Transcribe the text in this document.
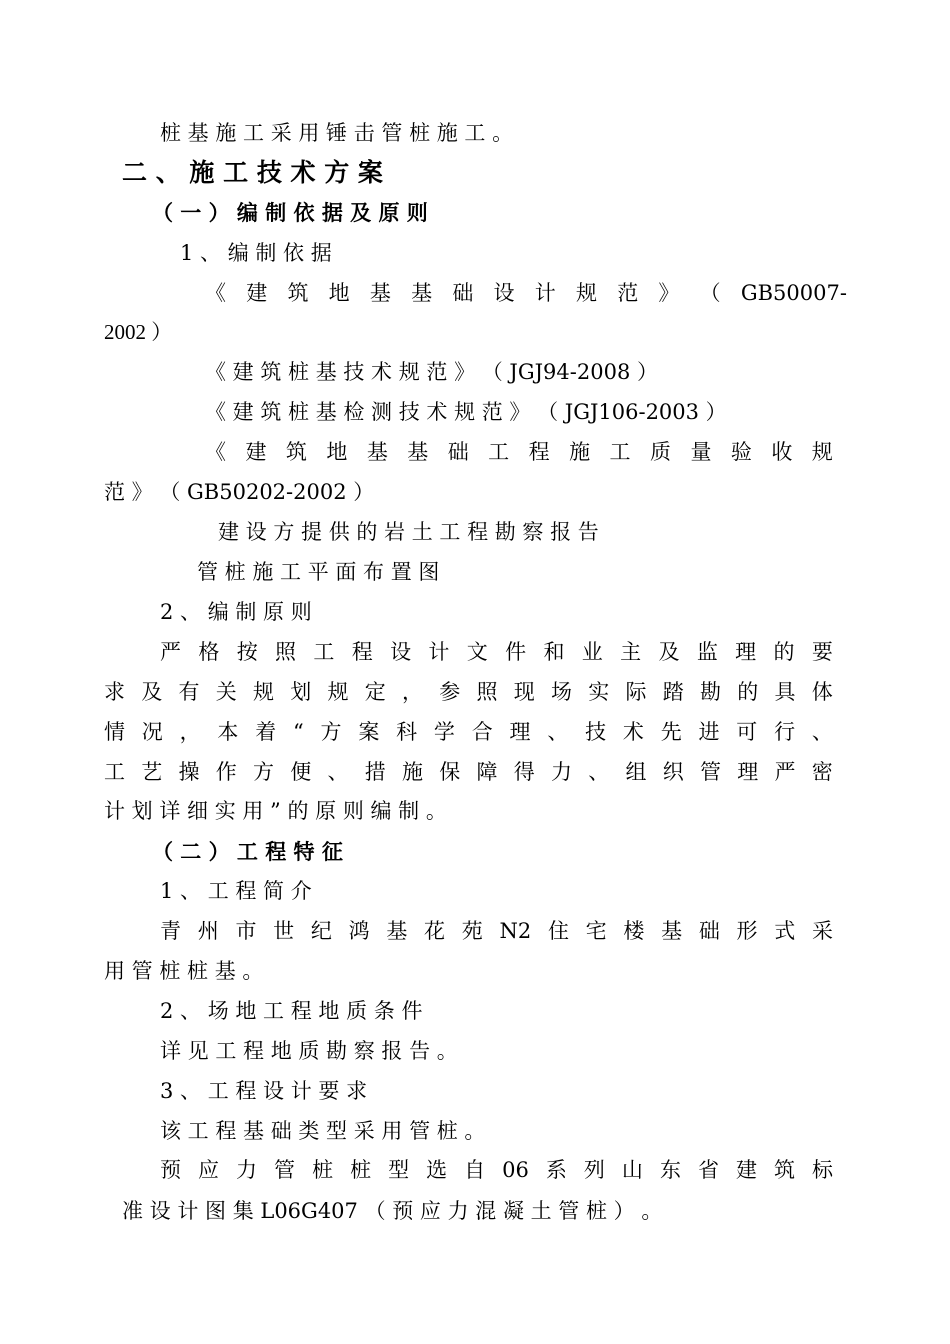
桩 基 施 工 采 用 锤 击 管 桩 施 工 。
二 、 施 工 技 术 方 案
（ 一 ） 编 制 依 据 及 原 则
1 、 编 制 依 据
《 建 筑 地 基 基 础 设 计 规 范 》 （ GB50007-
2002 ）
《 建 筑 桩 基 技 术 规 范 》 （ JGJ94-2008 ）
《 建 筑 桩 基 检 测 技 术 规 范 》 （ JGJ106-2003 ）
《 建 筑 地 基 基 础 工 程 施 工 质 量 验 收 规
范 》 （ GB50202-2002 ）
建 设 方 提 供 的 岩 土 工 程 勘 察 报 告
管 桩 施 工 平 面 布 置 图
2 、 编 制 原 则
严 格 按 照 工 程 设 计 文 件 和 业 主 及 监 理 的 要
求 及 有 关 规 划 规 定 ， 参 照 现 场 实 际 踏 勘 的 具 体
情 况 ， 本 着 “ 方 案 科 学 合 理 、 技 术 先 进 可 行 、
工 艺 操 作 方 便 、 措 施 保 障 得 力 、 组 织 管 理 严 密
计 划 详 细 实 用 ” 的 原 则 编 制 。
（ 二 ） 工 程 特 征
1 、 工 程 简 介
青 州 市 世 纪 鸿 基 花 苑 N2 住 宅 楼 基 础 形 式 采
用 管 桩 桩 基 。
2 、 场 地 工 程 地 质 条 件
详 见 工 程 地 质 勘 察 报 告 。
3 、 工 程 设 计 要 求
该 工 程 基 础 类 型 采 用 管 桩 。
预 应 力 管 桩 桩 型 选 自 06 系 列 山 东 省 建 筑 标
准 设 计 图 集 L06G407 （ 预 应 力 混 凝 土 管 桩 ） 。
